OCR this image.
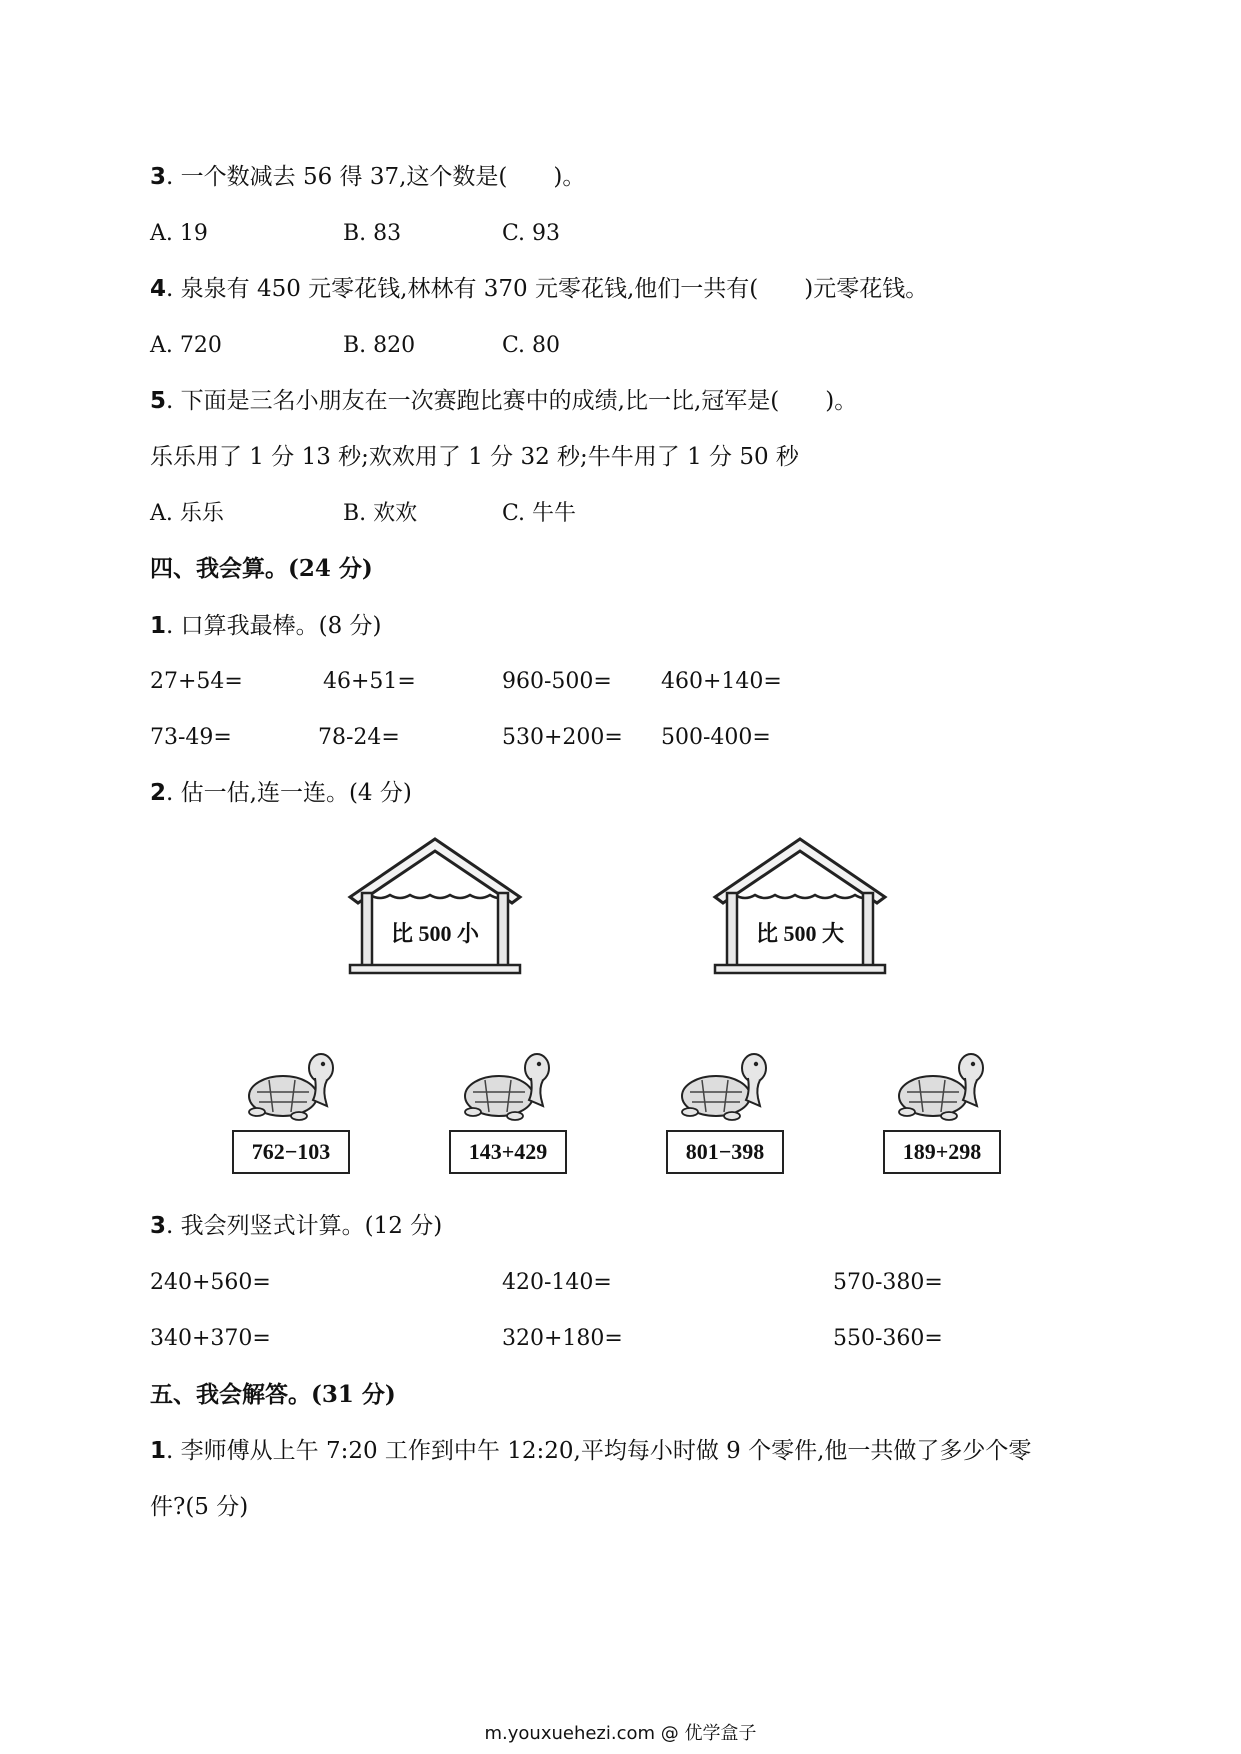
3. 一个数减去 56 得 37,这个数是(　　)。
A. 19	B. 83	C. 93
4. 泉泉有 450 元零花钱,林林有 370 元零花钱,他们一共有(　　)元零花钱。
A. 720	B. 820	C. 80
5. 下面是三名小朋友在一次赛跑比赛中的成绩,比一比,冠军是(　　)。
乐乐用了 1 分 13 秒;欢欢用了 1 分 32 秒;牛牛用了 1 分 50 秒
A. 乐乐	B. 欢欢	C. 牛牛
四、我会算。(24 分)
1. 口算我最棒。(8 分)
27+54=	46+51=	960-500= 460+140=
73-49=	78-24=	530+200= 500-400=
2. 估一估,连一连。(4 分)
比 500 小	比 500 大
762−103	143+429	801−398	189+298
3. 我会列竖式计算。(12 分)
240+560=	420-140=	570-380=
340+370=	320+180=	550-360=
五、我会解答。(31 分)
1. 李师傅从上午 7:20 工作到中午 12:20,平均每小时做 9 个零件,他一共做了多少个零
件?(5 分)
m.youxuehezi.com @ 优学盒子
